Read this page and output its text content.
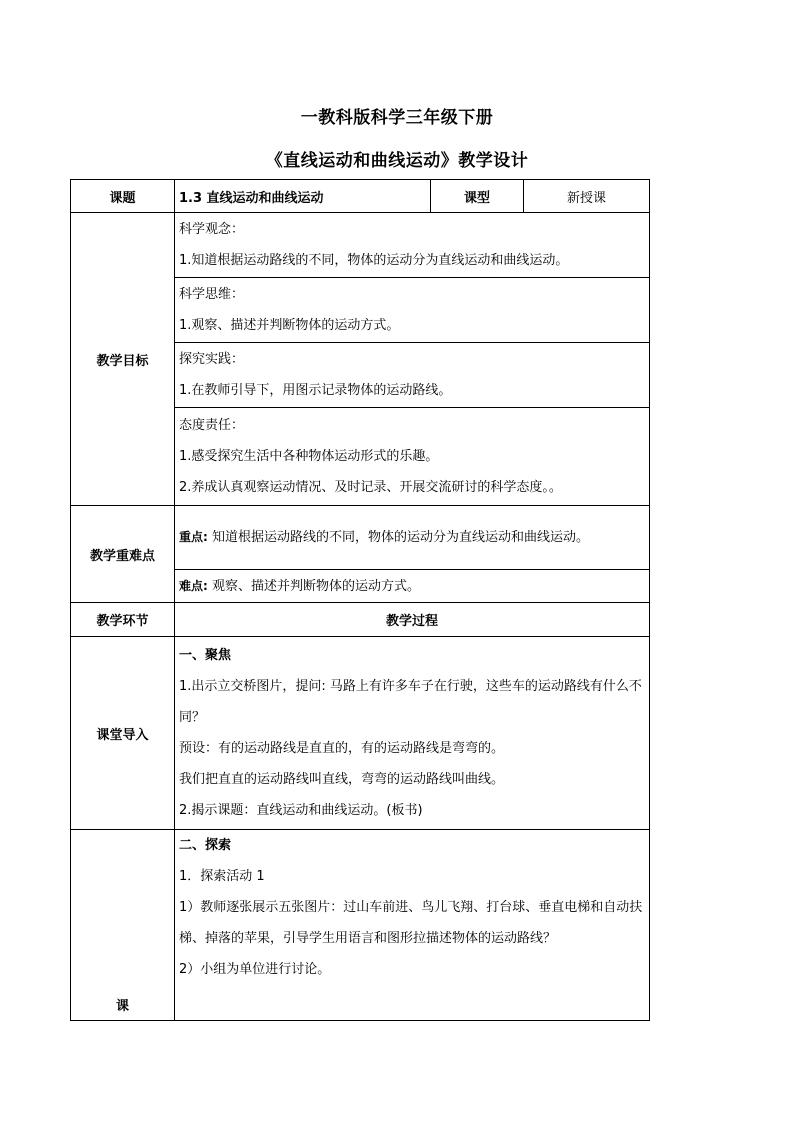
一教科版科学三年级下册
《直线运动和曲线运动》教学设计
课题	1.3 直线运动和曲线运动	课型	新授课
教学目标	科学观念：
1.知道根据运动路线的不同，物体的运动分为直线运动和曲线运动。		

	科学思维：
1.观察、描述并判断物体的运动方式。		

	探究实践：
1.在教师引导下，用图示记录物体的运动路线。		

	态度责任：
1.感受探究生活中各种物体运动形式的乐趣。
2.养成认真观察运动情况、及时记录、开展交流研讨的科学态度。。		

教学重难点	重点: 知道根据运动路线的不同，物体的运动分为直线运动和曲线运动。		
	难点: 观察、描述并判断物体的运动方式。		
教学环节	教学过程		
课堂导入	一、聚焦
1.出示立交桥图片，提问: 马路上有许多车子在行驶，这些车的运动路线有什么不同？
预设：有的运动路线是直直的，有的运动路线是弯弯的。
我们把直直的运动路线叫直线，弯弯的运动路线叫曲线。
2.揭示课题：直线运动和曲线运动。(板书)		

课	二、探索
1．探索活动 1
1）教师逐张展示五张图片：过山车前进、鸟儿飞翔、打台球、垂直电梯和自动扶梯、掉落的苹果，引导学生用语言和图形拉描述物体的运动路线？
2）小组为单位进行讨论。		
